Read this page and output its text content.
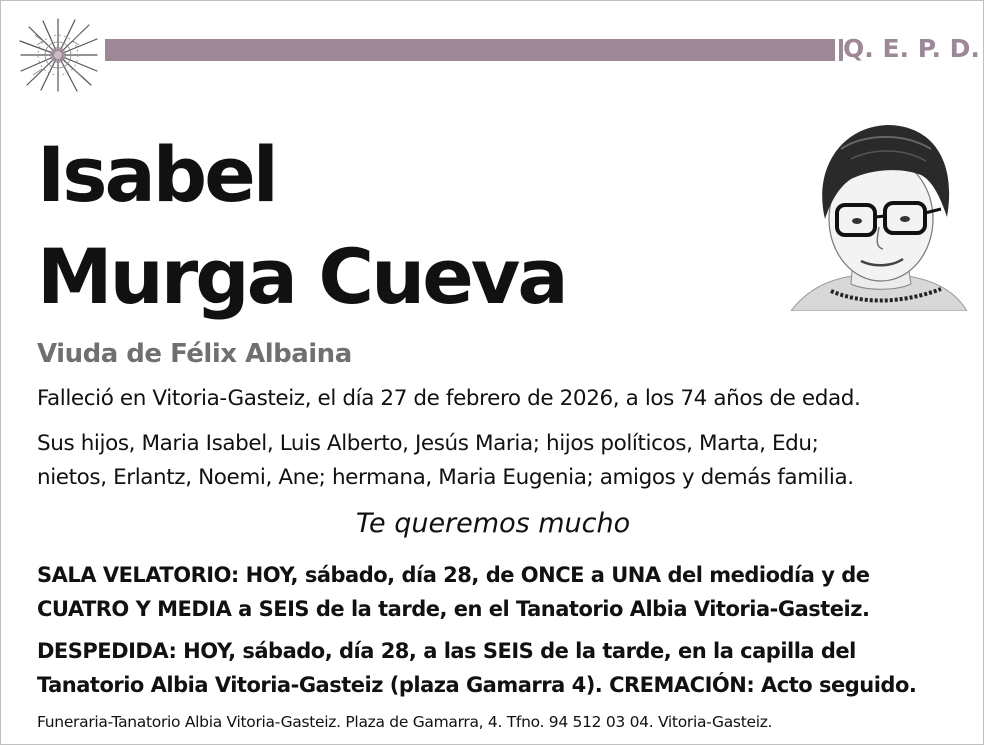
Q. E. P. D.
Isabel
Murga Cueva
Viuda de Félix Albaina
Falleció en Vitoria-Gasteiz, el día 27 de febrero de 2026, a los 74 años de edad.
Sus hijos, Maria Isabel, Luis Alberto, Jesús Maria; hijos políticos, Marta, Edu;
nietos, Erlantz, Noemi, Ane; hermana, Maria Eugenia; amigos y demás familia.
Te queremos mucho
SALA VELATORIO: HOY, sábado, día 28, de ONCE a UNA del mediodía y de
CUATRO Y MEDIA a SEIS de la tarde, en el Tanatorio Albia Vitoria-Gasteiz.
DESPEDIDA: HOY, sábado, día 28, a las SEIS de la tarde, en la capilla del
Tanatorio Albia Vitoria-Gasteiz (plaza Gamarra 4). CREMACIÓN: Acto seguido.
Funeraria-Tanatorio Albia Vitoria-Gasteiz. Plaza de Gamarra, 4. Tfno. 94 512 03 04. Vitoria-Gasteiz.
